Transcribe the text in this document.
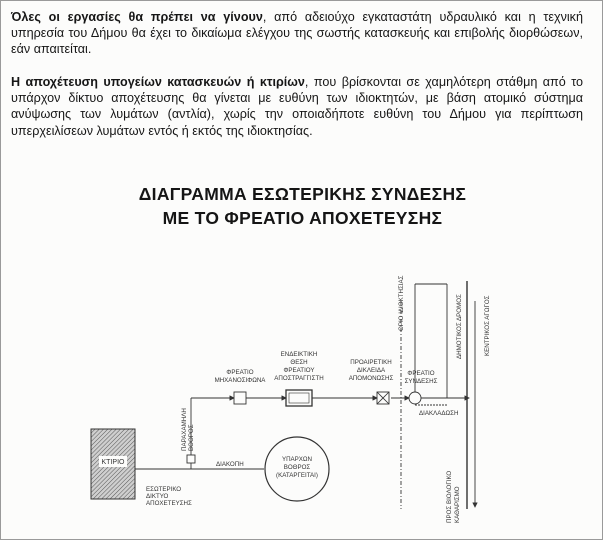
Όλες οι εργασίες θα πρέπει να γίνουν, από αδειούχο εγκαταστάτη υδραυλικό και η τεχνική υπηρεσία του Δήμου θα έχει το δικαίωμα ελέγχου της σωστής κατασκευής και επιβολής διορθώσεων, εάν απαιτείται.

Η αποχέτευση υπογείων κατασκευών ή κτιρίων, που βρίσκονται σε χαμηλότερη στάθμη από το υπάρχον δίκτυο αποχέτευσης θα γίνεται με ευθύνη των ιδιοκτητών, με βάση ατομικό σύστημα ανύψωσης των λυμάτων (αντλία), χωρίς την οποιαδήποτε ευθύνη του Δήμου για περίπτωση υπερχειλίσεων λυμάτων εντός ή εκτός της ιδιοκτησίας.

ΔΙΑΓΡΑΜΜΑ ΕΣΩΤΕΡΙΚΗΣ ΣΥΝΔΕΣΗΣ
ΜΕ ΤΟ ΦΡΕΑΤΙΟ ΑΠΟΧΕΤΕΥΣΗΣ
ΚΤΙΡΙΟ
ΕΣΩΤΕΡΙΚΟ
ΔΙΚΤΥΟ
ΑΠΟΧΕΤΕΥΣΗΣ
ΔΙΑΚΟΠΗ
ΥΠΑΡΧΩΝ
ΒΟΘΡΟΣ
(ΚΑΤΑΡΓΕΙΤΑΙ)
ΦΡΕΑΤΙΟ
ΜΗΧΑΝΟΣΙΦΩΝΑ
ΕΝΔΕΙΚΤΙΚΗ
ΘΕΣΗ
ΦΡΕΑΤΙΟΥ
ΑΠΟΣΤΡΑΓΓΙΣΤΗ
ΠΡΟΑΙΡΕΤΙΚΗ
ΔΙΚΛΕΙΔΑ
ΑΠΟΜΟΝΩΣΗΣ
ΦΡΕΑΤΙΟ
ΣΥΝΔΕΣΗΣ
ΔΙΑΚΛΑΔΩΣΗ
ΠΑΡΑΧΑΜΗΛΗ ΒΟΘΡΟΣ
ΟΡΙΟ ΙΔΙΟΚΤΗΣΙΑΣ	ΔΗΜΟΤΙΚΟΣ ΔΡΟΜΟΣ	ΚΕΝΤΡΙΚΟΣ ΑΓΩΓΟΣ
ΠΡΟΣ ΒΙΟΛΟΓΙΚΟ ΚΑΘΑΡΙΣΜΟ
